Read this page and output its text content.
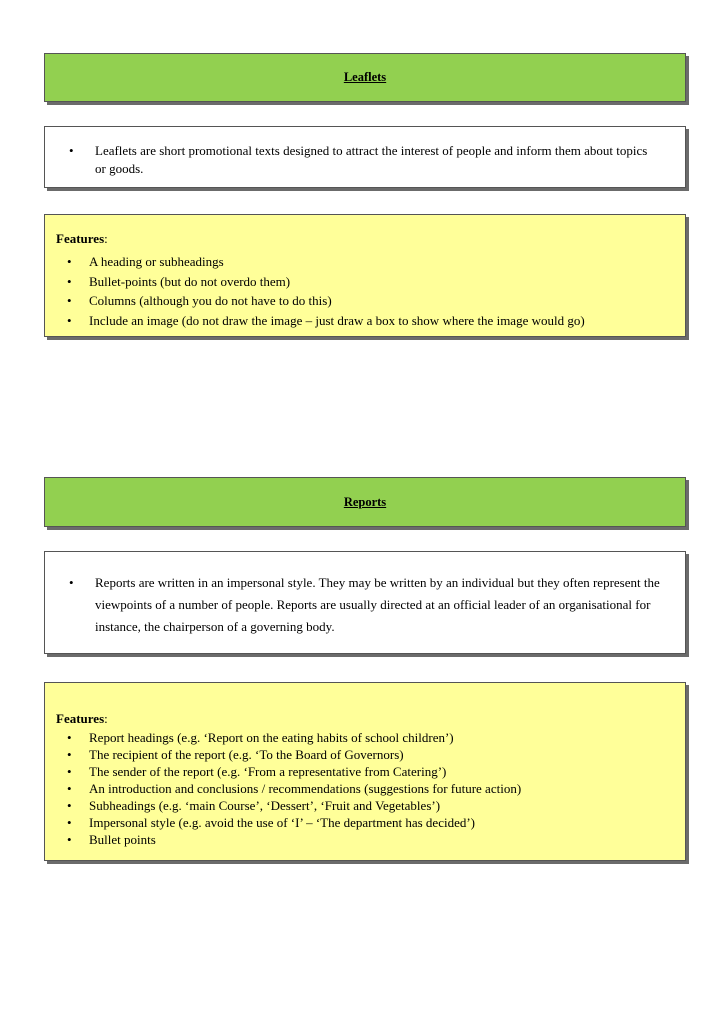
Leaflets
• Leaflets are short promotional texts designed to attract the interest of people and inform them about topics or goods.
Features:
• A heading or subheadings
• Bullet-points (but do not overdo them)
• Columns (although you do not have to do this)
• Include an image (do not draw the image – just draw a box to show where the image would go)
Reports
• Reports are written in an impersonal style. They may be written by an individual but they often represent the viewpoints of a number of people. Reports are usually directed at an official leader of an organisational for instance, the chairperson of a governing body.
Features:
• Report headings (e.g. ‘Report on the eating habits of school children’)
• The recipient of the report (e.g. ‘To the Board of Governors)
• The sender of the report (e.g. ‘From a representative from Catering’)
• An introduction and conclusions / recommendations (suggestions for future action)
• Subheadings (e.g. ‘main Course’, ‘Dessert’, ‘Fruit and Vegetables’)
• Impersonal style (e.g. avoid the use of ‘I’ – ‘The department has decided’)
• Bullet points
